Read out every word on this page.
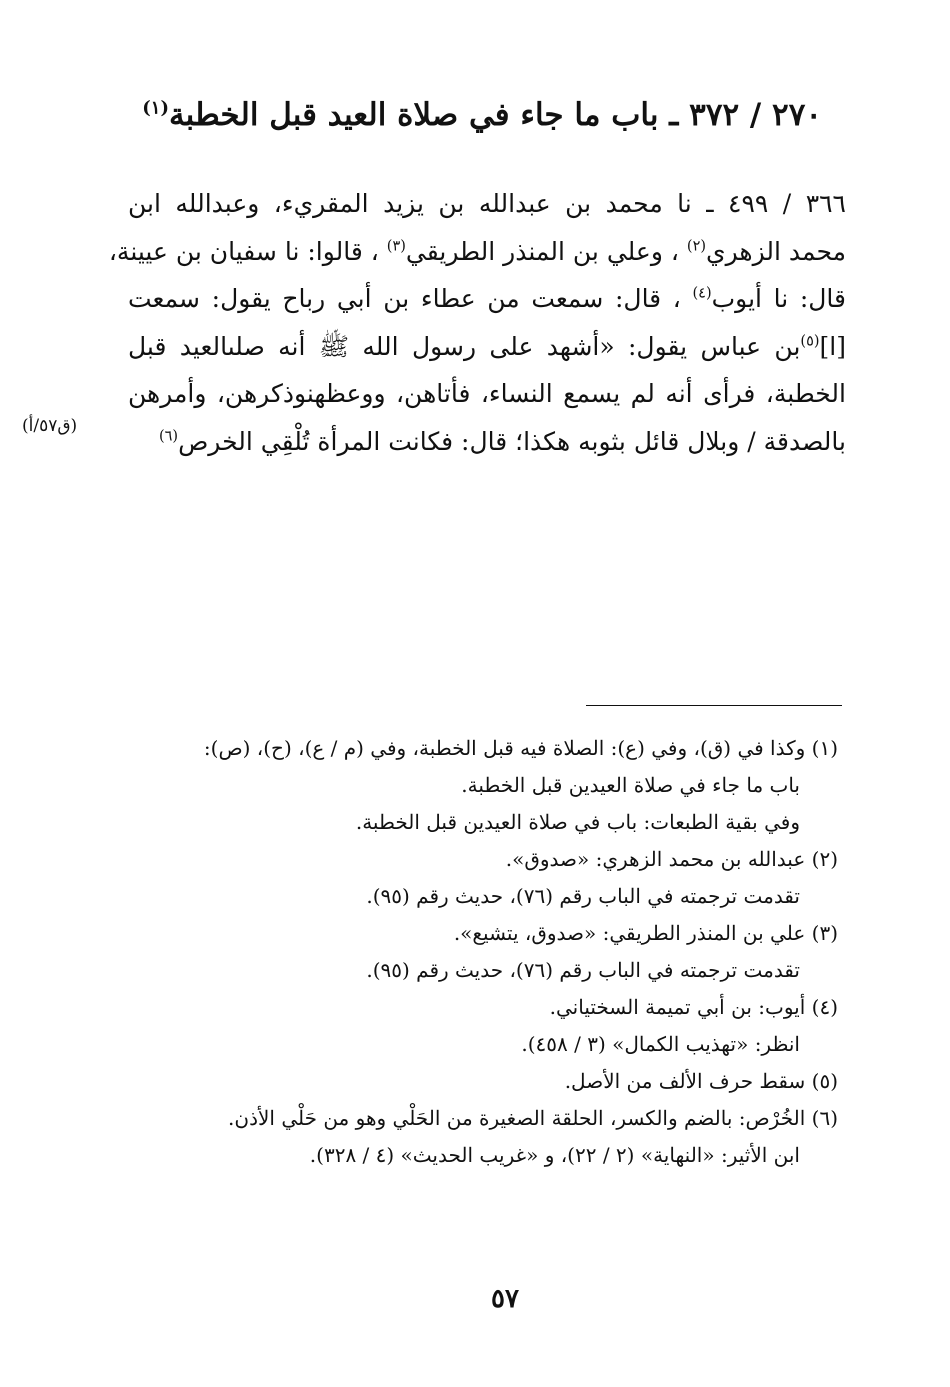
٢٧٠ / ٣٧٢ ـ باب ما جاء في صلاة العيد قبل الخطبة$^{(١)}$
٣٦٦ / ٤٩٩ ـ نا محمد بن عبدالله بن يزيد المقريء، وعبدالله ابن
محمد الزهري$^{(٢)}$ ، وعلي بن المنذر الطريقي$^{(٣)}$ ، قالوا: نا سفيان بن عيينة،
قال: نا أيوب$^{(٤)}$ ، قال: سمعت من عطاء بن أبي رباح يقول: سمعت
[ا]$^{(٥)}$بن عباس يقول: «أشهد على رسول الله ﷺ أنه صلىالعيد قبل
الخطبة، فرأى أنه لم يسمع النساء، فأتاهن، ووعظهنوذكرهن، وأمرهن
بالصدقة / وبلال قائل بثوبه هكذا؛ قال: فكانت المرأة تُلْقِي الخرص$^{(٦)}$
(ق٥٧/أ)
(١) وكذا في (ق)، وفي (ع): الصلاة فيه قبل الخطبة، وفي (م / ع)، (ح)، (ص):
باب ما جاء في صلاة العيدين قبل الخطبة.
وفي بقية الطبعات: باب في صلاة العيدين قبل الخطبة.
(٢) عبدالله بن محمد الزهري: «صدوق».
تقدمت ترجمته في الباب رقم (٧٦)، حديث رقم (٩٥).
(٣) علي بن المنذر الطريقي: «صدوق، يتشيع».
تقدمت ترجمته في الباب رقم (٧٦)، حديث رقم (٩٥).
(٤) أيوب: بن أبي تميمة السختياني.
انظر: «تهذيب الكمال» (٣ / ٤٥٨).
(٥) سقط حرف الألف من الأصل.
(٦) الخُرْص: بالضم والكسر، الحلقة الصغيرة من الحَلْي وهو من حَلْي الأذن.
ابن الأثير: «النهاية» (٢ / ٢٢)، و «غريب الحديث» (٤ / ٣٢٨).
٥٧
